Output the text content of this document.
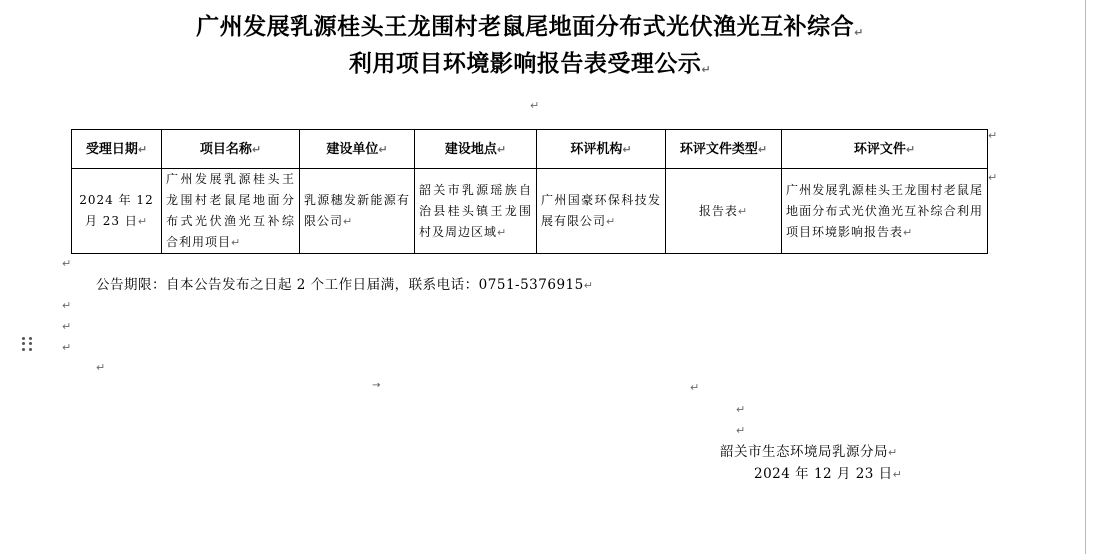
广州发展乳源桂头王龙围村老鼠尾地面分布式光伏渔光互补综合↵
利用项目环境影响报告表受理公示↵
↵
受理日期↵	项目名称↵	建设单位↵	建设地点↵	环评机构↵	环评文件类型↵	环评文件↵
2024 年 12 月 23 日↵	广州发展乳源桂头王龙围村老鼠尾地面分布式光伏渔光互补综合利用项目↵	乳源穗发新能源有限公司↵	韶关市乳源瑶族自治县桂头镇王龙围村及周边区域↵	广州国豪环保科技发展有限公司↵	报告表↵	广州发展乳源桂头王龙围村老鼠尾地面分布式光伏渔光互补综合利用项目环境影响报告表↵
↵
↵
↵
公告期限：自本公告发布之日起 2 个工作日届满，联系电话：0751-5376915↵
↵
↵
↵
↵
→	↵
↵
↵
韶关市生态环境局乳源分局↵
2024 年 12 月 23 日↵
